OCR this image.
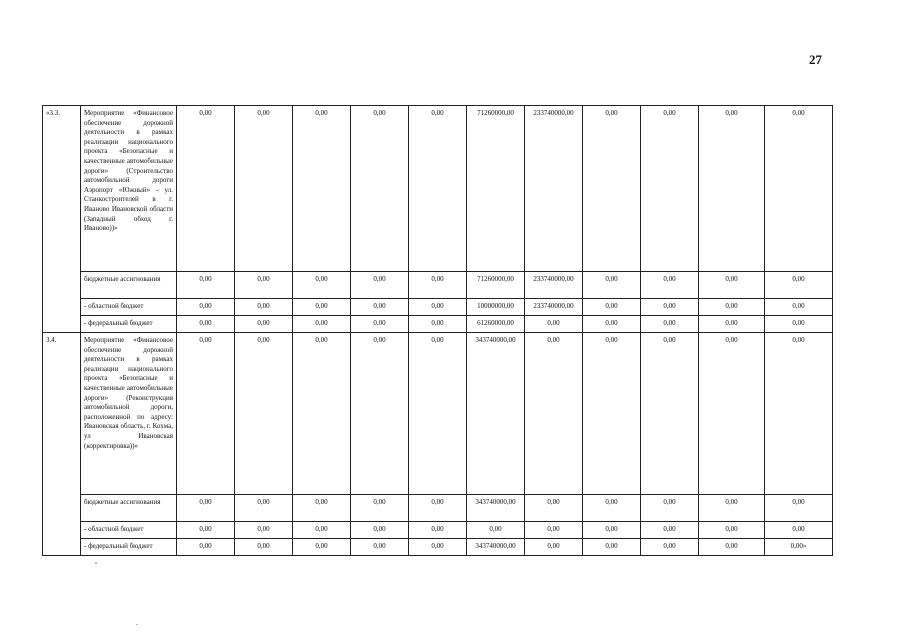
27
«3.3.	Мероприятие «Финансовое обеспечение дорожной деятельности в рамках реализации национального проекта «Безопасные и качественные автомобильные дороги» (Строительство автомобильной дороги Аэропорт «Южный» - ул. Станкостроителей в г. Иваново Ивановской области (Западный обход г. Иваново))»	0,00	0,00	0,00	0,00	0,00	71260000,00	233740000,00	0,00	0,00	0,00	0,00
	бюджетные ассигнования	0,00	0,00	0,00	0,00	0,00	71260000,00	233740000,00	0,00	0,00	0,00	0,00
	- областной бюджет	0,00	0,00	0,00	0,00	0,00	10000000,00	233740000,00	0,00	0,00	0,00	0,00
	- федеральный бюджет	0,00	0,00	0,00	0,00	0,00	61260000,00	0,00	0,00	0,00	0,00	0,00
3.4.	Мероприятие «Финансовое обеспечение дорожной деятельности в рамках реализации национального проекта «Безопасные и качественные автомобильные дороги» (Реконструкция автомобильной дороги, расположенной по адресу: Ивановская область, г. Кохма, ул Ивановская (корректировка))»	0,00	0,00	0,00	0,00	0,00	343740000,00	0,00	0,00	0,00	0,00	0,00
	бюджетные ассигнования	0,00	0,00	0,00	0,00	0,00	343740000,00	0,00	0,00	0,00	0,00	0,00
	- областной бюджет	0,00	0,00	0,00	0,00	0,00	0,00	0,00	0,00	0,00	0,00	0,00
	- федеральный бюджет	0,00	0,00	0,00	0,00	0,00	343740000,00	0,00	0,00	0,00	0,00	0,00»
